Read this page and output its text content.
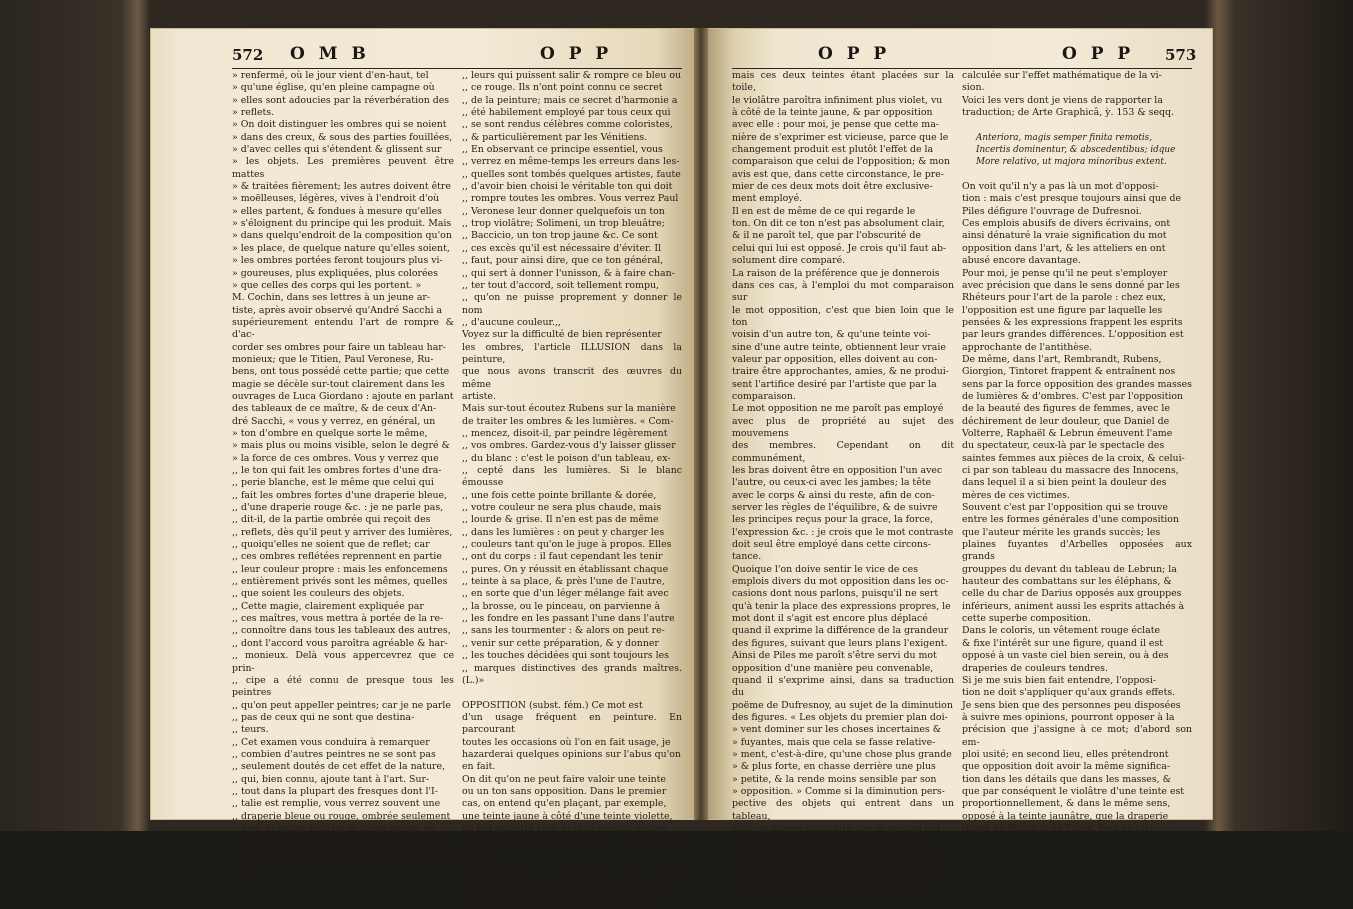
572 O M B	O P P	O P P	O P P 573

» renfermé, où le jour vient d'en-haut, tel

» qu'une église, qu'en pleine campagne où

» elles sont adoucies par la réverbération des

» reflets.

» On doit distinguer les ombres qui se noient

» dans des creux, & sous des parties fouillées,

» d'avec celles qui s'étendent & glissent sur

» les objets. Les premières peuvent être mattes

» & traitées fièrement; les autres doivent être

» moëlleuses, légères, vives à l'endroit d'où

» elles partent, & fondues à mesure qu'elles

» s'éloignent du principe qui les produit. Mais

» dans quelqu'endroit de la composition qu'on

» les place, de quelque nature qu'elles soient,

» les ombres portées feront toujours plus vi-

» goureuses, plus expliquées, plus colorées

» que celles des corps qui les portent. »

M. Cochin, dans ses lettres à un jeune ar-

tiste, après avoir observé qu'André Sacchi a

supérieurement entendu l'art de rompre & d'ac-

corder ses ombres pour faire un tableau har-

monieux; que le Titien, Paul Veronese, Ru-

bens, ont tous possédé cette partie; que cette

magie se décèle sur-tout clairement dans les

ouvrages de Luca Giordano : ajoute en parlant

des tableaux de ce maître, & de ceux d'An-

dré Sacchi, « vous y verrez, en général, un

» ton d'ombre en quelque sorte le même,

» mais plus ou moins visible, selon le degré &

» la force de ces ombres. Vous y verrez que

,, le ton qui fait les ombres fortes d'une dra-

,, perie blanche, est le même que celui qui

,, fait les ombres fortes d'une draperie bleue,

,, d'une draperie rouge &c. : je ne parle pas,

,, dit-il, de la partie ombrée qui reçoit des

,, reflets, dès qu'il peut y arriver des lumières,

,, quoiqu'elles ne soient que de reflet; car

,, ces ombres reflétées reprennent en partie

,, leur couleur propre : mais les enfoncemens

,, entièrement privés sont les mêmes, quelles

,, que soient les couleurs des objets.

,, Cette magie, clairement expliquée par

,, ces maîtres, vous mettra à portée de la re-

,, connoître dans tous les tableaux des autres,

,, dont l'accord vous paroîtra agréable & har-

,, monieux. Delà vous appercevrez que ce prin-

,, cipe a été connu de presque tous les peintres

,, qu'on peut appeller peintres; car je ne parle

,, pas de ceux qui ne sont que destina-

,, teurs.

,, Cet examen vous conduira à remarquer

,, combien d'autres peintres ne se sont pas

,, seulement doutés de cet effet de la nature,

,, qui, bien connu, ajoute tant à l'art. Sur-

,, tout dans la plupart des fresques dont l'I-

,, talie est remplie, vous verrez souvent une

,, draperie bleue ou rouge, ombrée seulement

,, avec le même bleu ou le même rouge, où

,, seulement il est entré moins de blanc; mais

,, sans aucune rupture ni mélange d'autres cou-

,, leurs qui puissent salir & rompre ce bleu ou

,, ce rouge. Ils n'ont point connu ce secret

,, de la peinture; mais ce secret d'harmonie a

,, été habilement employé par tous ceux qui

,, se sont rendus célèbres comme coloristes,

,, & particulièrement par les Vénitiens.

,, En observant ce principe essentiel, vous

,, verrez en même-temps les erreurs dans les-

,, quelles sont tombés quelques artistes, faute

,, d'avoir bien choisi le véritable ton qui doit

,, rompre toutes les ombres. Vous verrez Paul

,, Veronese leur donner quelquefois un ton

,, trop violâtre; Solimeni, un trop bleuâtre;

,, Baccicio, un ton trop jaune &c. Ce sont

,, ces excès qu'il est nécessaire d'éviter. Il

,, faut, pour ainsi dire, que ce ton général,

,, qui sert à donner l'unisson, & à faire chan-

,, ter tout d'accord, soit tellement rompu,

,, qu'on ne puisse proprement y donner le nom

,, d'aucune couleur.,,

Voyez sur la difficulté de bien représenter

les ombres, l'article ILLUSION dans la peinture,

que nous avons transcrit des œuvres du même

artiste.

Mais sur-tout écoutez Rubens sur la manière

de traiter les ombres & les lumières. « Com-

,, mencez, disoit-il, par peindre légèrement

,, vos ombres. Gardez-vous d'y laisser glisser

,, du blanc : c'est le poison d'un tableau, ex-

,, cepté dans les lumières. Si le blanc émousse

,, une fois cette pointe brillante & dorée,

,, votre couleur ne sera plus chaude, mais

,, lourde & grise. Il n'en est pas de même

,, dans les lumières : on peut y charger les

,, couleurs tant qu'on le juge à propos. Elles

,, ont du corps : il faut cependant les tenir

,, pures. On y réussit en établissant chaque

,, teinte à sa place, & près l'une de l'autre,

,, en sorte que d'un léger mélange fait avec

,, la brosse, ou le pinceau, on parvienne à

,, les fondre en les passant l'une dans l'autre

,, sans les tourmenter : & alors on peut re-

,, venir sur cette préparation, & y donner

,, les touches décidées qui sont toujours les

,, marques distinctives des grands maîtres. (L.)»

OPPOSITION (subst. fém.) Ce mot est

d'un usage fréquent en peinture. En parcourant

toutes les occasions où l'on en fait usage, je

hazarderai quelques opinions sur l'abus qu'on

en fait.

On dit qu'on ne peut faire valoir une teinte

ou un ton sans opposition. Dans le premier

cas, on entend qu'en plaçant, par exemple,

une teinte jaune à côté d'une teinte violette,

on fait paroître celle-ci plus violette encore,

de manière que cette teinte violette dont nous

parlons, sera réellement d'un violet impercep-

tible, si elle se voit sur la palette & séparée

de la teinte jaune qui doit en être voisine :

mais ces deux teintes étant placées sur la toile,

le violâtre paroîtra infiniment plus violet, vu

à côté de la teinte jaune, & par opposition

avec elle : pour moi, je pense que cette ma-

nière de s'exprimer est vicieuse, parce que le

changement produit est plutôt l'effet de la

comparaison que celui de l'opposition; & mon

avis est que, dans cette circonstance, le pre-

mier de ces deux mots doit être exclusive-

ment employé.

Il en est de même de ce qui regarde le

ton. On dit ce ton n'est pas absolument clair,

& il ne paroît tel, que par l'obscurité de

celui qui lui est opposé. Je crois qu'il faut ab-

solument dire comparé.

La raison de la préférence que je donnerois

dans ces cas, à l'emploi du mot comparaison sur

le mot opposition, c'est que bien loin que le ton

voisin d'un autre ton, & qu'une teinte voi-

sine d'une autre teinte, obtiennent leur vraie

valeur par opposition, elles doivent au con-

traire être approchantes, amies, & ne produi-

sent l'artifice desiré par l'artiste que par la

comparaison.

Le mot opposition ne me paroît pas employé

avec plus de propriété au sujet des mouvemens

des membres. Cependant on dit communément,

les bras doivent être en opposition l'un avec

l'autre, ou ceux-ci avec les jambes; la tête

avec le corps & ainsi du reste, afin de con-

server les règles de l'équilibre, & de suivre

les principes reçus pour la grace, la force,

l'expression &c. : je crois que le mot contraste

doit seul être employé dans cette circons-

tance.

Quoique l'on doive sentir le vice de ces

emplois divers du mot opposition dans les oc-

casions dont nous parlons, puisqu'il ne sert

qu'à tenir la place des expressions propres, le

mot dont il s'agit est encore plus déplacé

quand il exprime la différence de la grandeur

des figures, suivant que leurs plans l'exigent.

Ainsi de Piles me paroît s'être servi du mot

opposition d'une manière peu convenable,

quand il s'exprime ainsi, dans sa traduction du

poëme de Dufresnoy, au sujet de la diminution

des figures. « Les objets du premier plan doi-

» vent dominer sur les choses incertaines &

» fuyantes, mais que cela se fasse relative-

» ment, c'est-à-dire, qu'une chose plus grande

» & plus forte, en chasse derrière une plus

» petite, & la rende moins sensible par son

» opposition. » Comme si la diminution pers-

pective des objets qui entrent dans un tableau,

étoit un moyen arbitraire que le peintre pût

employer à son gré pour les faire fuir ou

avancer, & comme s'ils n'avançoient & n'é-

toient enfoncés que par l'opposition que pro-

duit leur grandeur respective & non par une

diminution ou augmentation relative, &

calculée sur l'effet mathématique de la vi-

sion.

Voici les vers dont je viens de rapporter la

traduction; de Arte Graphicâ, ỳ. 153 & seqq.

Anteriora, magis semper finita remotis,

Incertis dominentur, & abscedentibus; idque

More relativo, ut majora minoribus extent.

On voit qu'il n'y a pas là un mot d'opposi-

tion : mais c'est presque toujours ainsi que de

Piles défigure l'ouvrage de Dufresnoi.

Ces emplois abusifs de divers écrivains, ont

ainsi dénaturé la vraie signification du mot

opposition dans l'art, & les atteliers en ont

abusé encore davantage.

Pour moi, je pense qu'il ne peut s'employer

avec précision que dans le sens donné par les

Rhéteurs pour l'art de la parole : chez eux,

l'opposition est une figure par laquelle les

pensées & les expressions frappent les esprits

par leurs grandes différences. L'opposition est

approchante de l'antithèse.

De même, dans l'art, Rembrandt, Rubens,

Giorgion, Tintoret frappent & entraînent nos

sens par la force opposition des grandes masses

de lumières & d'ombres. C'est par l'opposition

de la beauté des figures de femmes, avec le

déchirement de leur douleur, que Daniel de

Volterre, Raphaël & Lebrun émeuvent l'ame

du spectateur, ceux-là par le spectacle des

saintes femmes aux pièces de la croix, & celui-

ci par son tableau du massacre des Innocens,

dans lequel il a si bien peint la douleur des

mères de ces victimes.

Souvent c'est par l'opposition qui se trouve

entre les formes générales d'une composition

que l'auteur mérite les grands succès; les

plaines fuyantes d'Arbelles opposées aux grands

grouppes du devant du tableau de Lebrun; la

hauteur des combattans sur les éléphans, &

celle du char de Darius opposés aux grouppes

inférieurs, animent aussi les esprits attachés à

cette superbe composition.

Dans le coloris, un vêtement rouge éclate

& fixe l'intérêt sur une figure, quand il est

opposé à un vaste ciel bien serein, ou à des

draperies de couleurs tendres.

Si je me suis bien fait entendre, l'opposi-

tion ne doit s'appliquer qu'aux grands effets.

Je sens bien que des personnes peu disposées

à suivre mes opinions, pourront opposer à la

précision que j'assigne à ce mot; d'abord son em-

ploi usité; en second lieu, elles prétendront

que opposition doit avoir la même significa-

tion dans les détails que dans les masses, &

que par conséquent le violâtre d'une teinte est

proportionnellement, & dans le même sens,

opposé à la teinte jaunâtre, que la draperie

rouge du Bacchus du Titien, l'est au ciel
